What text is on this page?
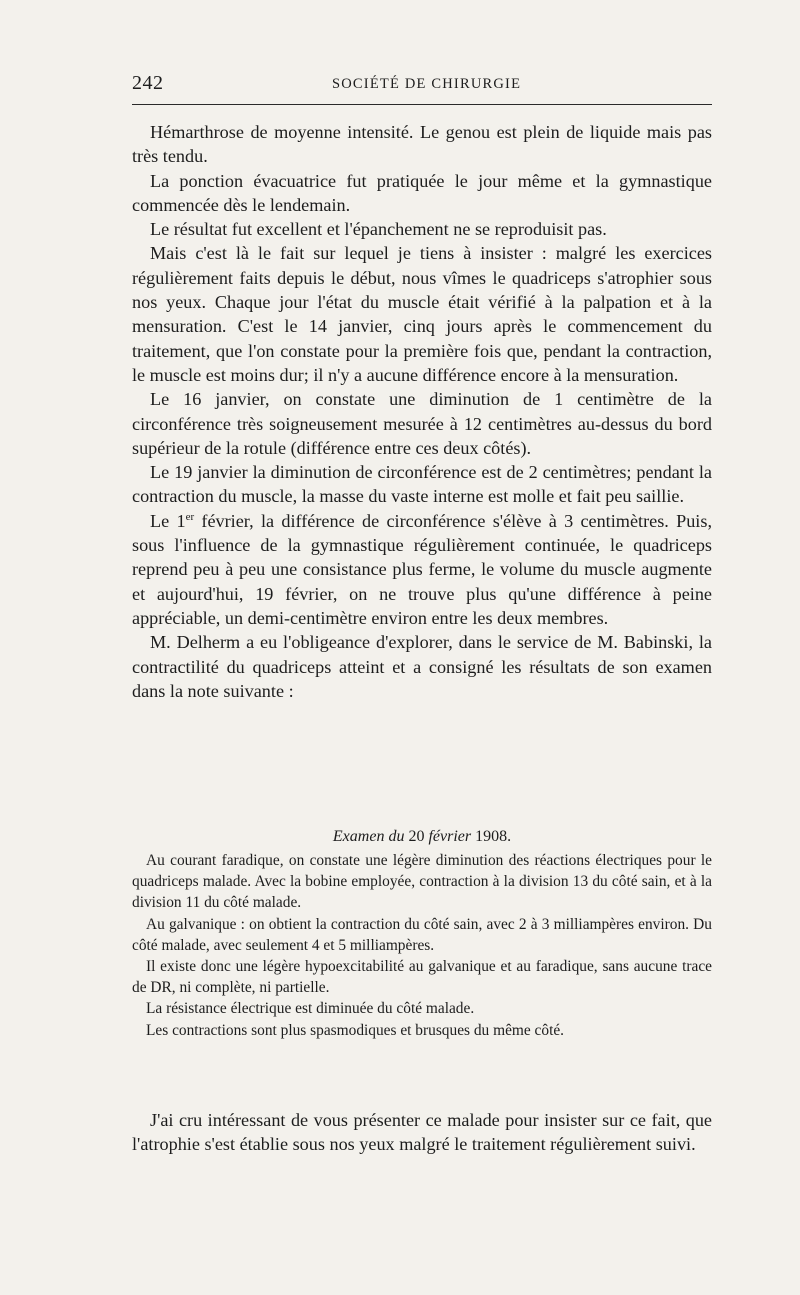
242	SOCIÉTÉ DE CHIRURGIE

Hémarthrose de moyenne intensité. Le genou est plein de liquide mais pas très tendu.

La ponction évacuatrice fut pratiquée le jour même et la gymnastique commencée dès le lendemain.

Le résultat fut excellent et l'épanchement ne se reproduisit pas.

Mais c'est là le fait sur lequel je tiens à insister : malgré les exercices régulièrement faits depuis le début, nous vîmes le quadriceps s'atrophier sous nos yeux. Chaque jour l'état du muscle était vérifié à la palpation et à la mensuration. C'est le 14 janvier, cinq jours après le commencement du traitement, que l'on constate pour la première fois que, pendant la contraction, le muscle est moins dur; il n'y a aucune différence encore à la mensuration.

Le 16 janvier, on constate une diminution de 1 centimètre de la circonférence très soigneusement mesurée à 12 centimètres au-dessus du bord supérieur de la rotule (différence entre ces deux côtés).

Le 19 janvier la diminution de circonférence est de 2 centimètres; pendant la contraction du muscle, la masse du vaste interne est molle et fait peu saillie.

Le 1er février, la différence de circonférence s'élève à 3 centimètres. Puis, sous l'influence de la gymnastique régulièrement continuée, le quadriceps reprend peu à peu une consistance plus ferme, le volume du muscle augmente et aujourd'hui, 19 février, on ne trouve plus qu'une différence à peine appréciable, un demi-centimètre environ entre les deux membres.

M. Delherm a eu l'obligeance d'explorer, dans le service de M. Babinski, la contractilité du quadriceps atteint et a consigné les résultats de son examen dans la note suivante :

Examen du 20 février 1908.

Au courant faradique, on constate une légère diminution des réactions électriques pour le quadriceps malade. Avec la bobine employée, contraction à la division 13 du côté sain, et à la division 11 du côté malade.

Au galvanique : on obtient la contraction du côté sain, avec 2 à 3 milliampères environ. Du côté malade, avec seulement 4 et 5 milliampères.

Il existe donc une légère hypoexcitabilité au galvanique et au faradique, sans aucune trace de DR, ni complète, ni partielle.

La résistance électrique est diminuée du côté malade.

Les contractions sont plus spasmodiques et brusques du même côté.

J'ai cru intéressant de vous présenter ce malade pour insister sur ce fait, que l'atrophie s'est établie sous nos yeux malgré le traitement régulièrement suivi.
